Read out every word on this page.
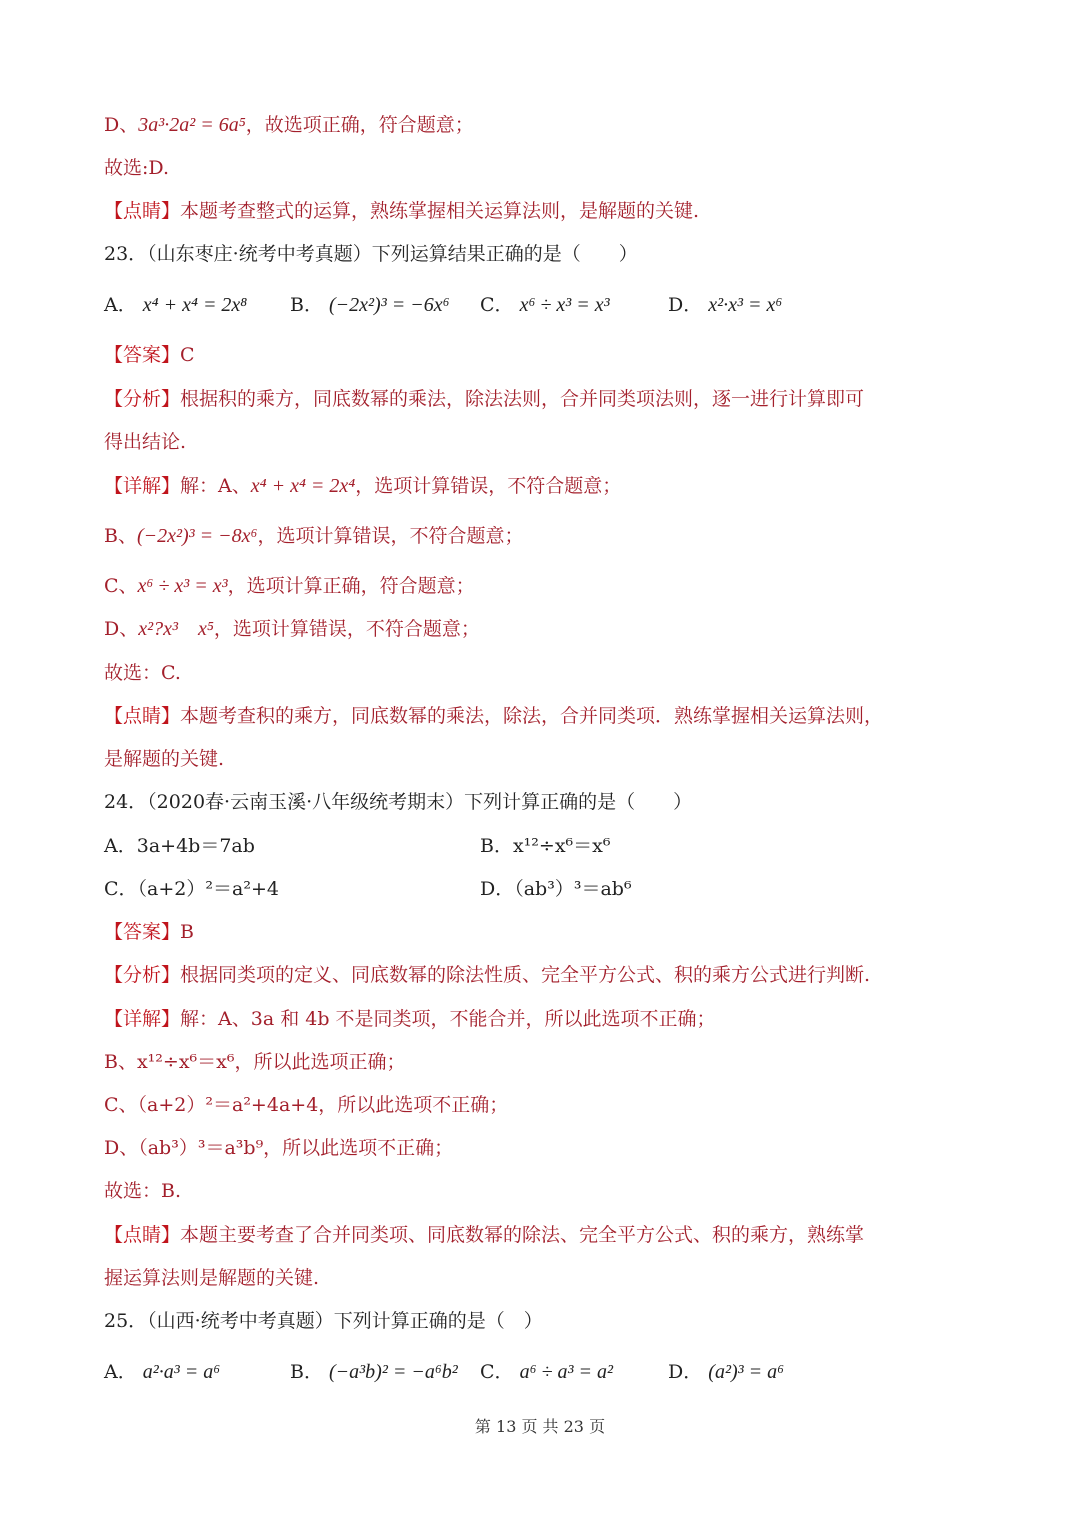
D、3a³·2a² = 6a⁵，故选项正确，符合题意；
故选:D.
【点睛】本题考查整式的运算，熟练掌握相关运算法则，是解题的关键.
23．（山东枣庄·统考中考真题）下列运算结果正确的是（　　）
A． x⁴ + x⁴ = 2x⁸ B． (−2x²)³ = −6x⁶ C． x⁶ ÷ x³ = x³	D． x²·x³ = x⁶
【答案】C
【分析】根据积的乘方，同底数幂的乘法，除法法则，合并同类项法则，逐一进行计算即可
得出结论.
【详解】解：A、x⁴ + x⁴ = 2x⁴，选项计算错误，不符合题意；
B、(−2x²)³ = −8x⁶，选项计算错误，不符合题意；
C、x⁶ ÷ x³ = x³，选项计算正确，符合题意；
D、x²?x³　x⁵，选项计算错误，不符合题意；
故选：C.
【点睛】本题考查积的乘方，同底数幂的乘法，除法，合并同类项．熟练掌握相关运算法则，
是解题的关键.
24．（2020春·云南玉溪·八年级统考期末）下列计算正确的是（　　）
A．3a+4b＝7ab	B．x¹²÷x⁶＝x⁶
C．（a+2）²＝a²+4	D．（ab³）³＝ab⁶
【答案】B
【分析】根据同类项的定义、同底数幂的除法性质、完全平方公式、积的乘方公式进行判断.
【详解】解：A、3a 和 4b 不是同类项，不能合并，所以此选项不正确；
B、x¹²÷x⁶＝x⁶，所以此选项正确；
C、（a+2）²＝a²+4a+4，所以此选项不正确；
D、（ab³）³＝a³b⁹，所以此选项不正确；
故选：B.
【点睛】本题主要考查了合并同类项、同底数幂的除法、完全平方公式、积的乘方，熟练掌
握运算法则是解题的关键.
25．（山西·统考中考真题）下列计算正确的是（　）
A． a²·a³ = a⁶	B． (−a³b)² = −a⁶b² C． a⁶ ÷ a³ = a²	D． (a²)³ = a⁶
第 13 页 共 23 页
